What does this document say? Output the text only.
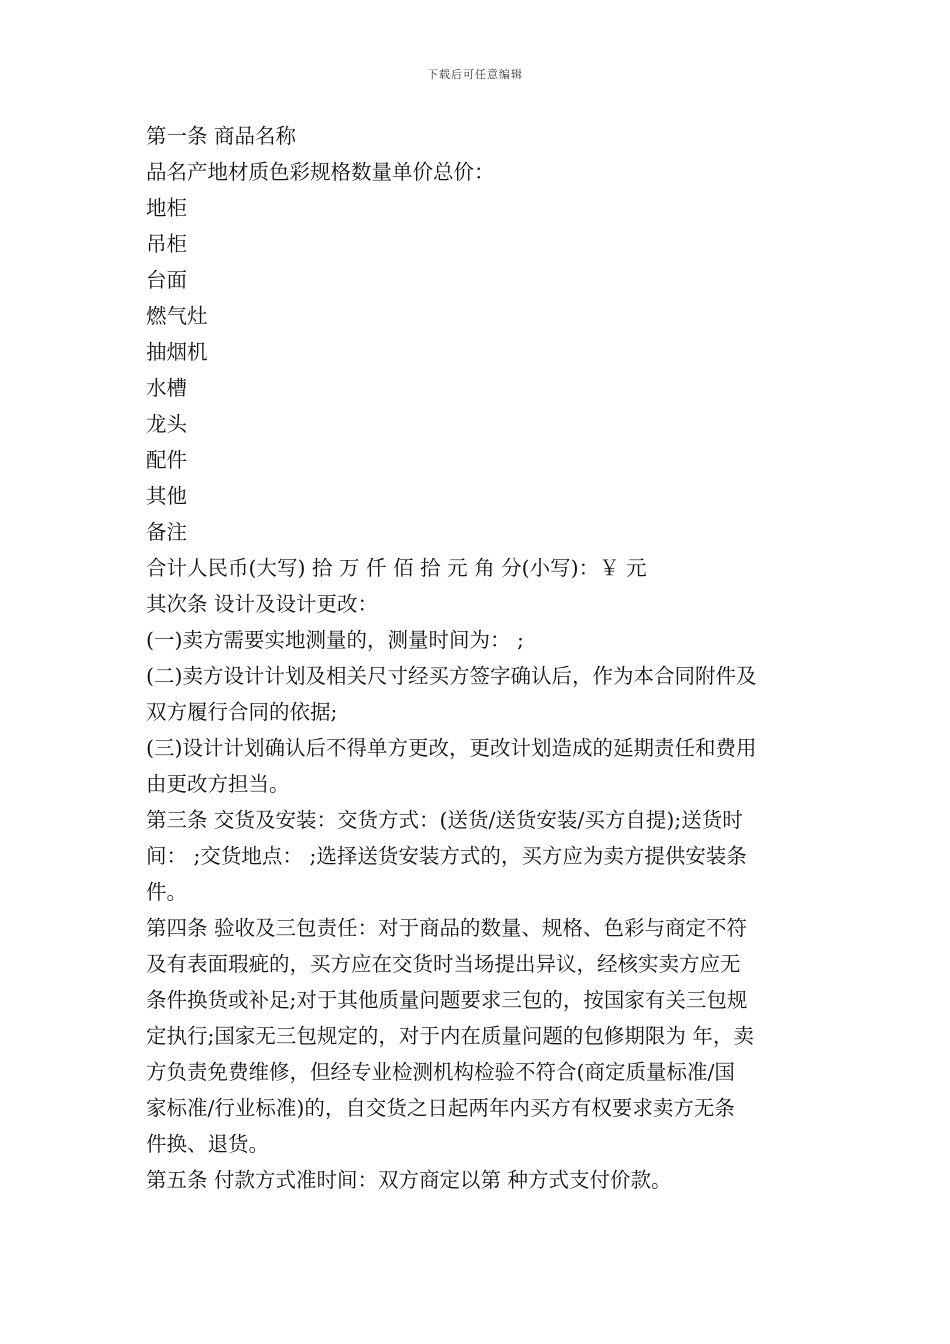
下载后可任意编辑
第一条 商品名称
品名产地材质色彩规格数量单价总价：
地柜
吊柜
台面
燃气灶
抽烟机
水槽
龙头
配件
其他
备注
合计人民币(大写) 拾 万 仟 佰 拾 元 角 分(小写)：￥ 元
其次条 设计及设计更改：
(一)卖方需要实地测量的，测量时间为： ;
(二)卖方设计计划及相关尺寸经买方签字确认后，作为本合同附件及
双方履行合同的依据;
(三)设计计划确认后不得单方更改，更改计划造成的延期责任和费用
由更改方担当。
第三条 交货及安装：交货方式：(送货/送货安装/买方自提);送货时
间： ;交货地点： ;选择送货安装方式的，买方应为卖方提供安装条
件。
第四条 验收及三包责任：对于商品的数量、规格、色彩与商定不符
及有表面瑕疵的，买方应在交货时当场提出异议，经核实卖方应无
条件换货或补足;对于其他质量问题要求三包的，按国家有关三包规
定执行;国家无三包规定的，对于内在质量问题的包修期限为 年，卖
方负责免费维修，但经专业检测机构检验不符合(商定质量标准/国
家标准/行业标准)的，自交货之日起两年内买方有权要求卖方无条
件换、退货。
第五条 付款方式准时间：双方商定以第 种方式支付价款。
